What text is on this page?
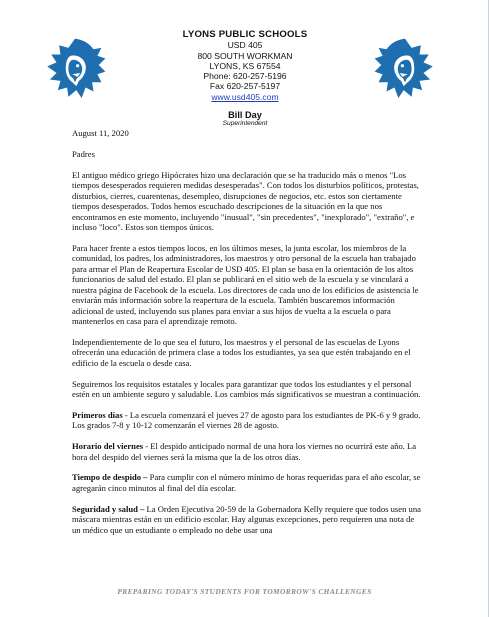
LYONS PUBLIC SCHOOLS
USD 405
800 SOUTH WORKMAN
LYONS, KS 67554
Phone: 620-257-5196
Fax 620-257-5197
www.usd405.com
Bill Day
Superintendent

August 11, 2020

Padres

El antiguo médico griego Hipócrates hizo una declaración que se ha traducido más o menos "Los tiempos desesperados requieren medidas desesperadas". Con todos los disturbios políticos, protestas, disturbios, cierres, cuarentenas, desempleo, disrupciones de negocios, etc. estos son ciertamente tiempos desesperados. Todos hemos escuchado descripciones de la situación en la que nos encontramos en este momento, incluyendo "inusual", "sin precedentes", "inexplorado", "extraño", e incluso "loco". Estos son tiempos únicos.

Para hacer frente a estos tiempos locos, en los últimos meses, la junta escolar, los miembros de la comunidad, los padres, los administradores, los maestros y otro personal de la escuela han trabajado para armar el Plan de Reapertura Escolar de USD 405. El plan se basa en la orientación de los altos funcionarios de salud del estado. El plan se publicará en el sitio web de la escuela y se vinculará a nuestra página de Facebook de la escuela. Los directores de cada uno de los edificios de asistencia le enviarán más información sobre la reapertura de la escuela. También buscaremos información adicional de usted, incluyendo sus planes para enviar a sus hijos de vuelta a la escuela o para mantenerlos en casa para el aprendizaje remoto.

Independientemente de lo que sea el futuro, los maestros y el personal de las escuelas de Lyons ofrecerán una educación de primera clase a todos los estudiantes, ya sea que estén trabajando en el edificio de la escuela o desde casa.

Seguiremos los requisitos estatales y locales para garantizar que todos los estudiantes y el personal estén en un ambiente seguro y saludable. Los cambios más significativos se muestran a continuación.

Primeros días - La escuela comenzará el jueves 27 de agosto para los estudiantes de PK-6 y 9 grado. Los grados 7-8 y 10-12 comenzarán el viernes 28 de agosto.

Horario del viernes - El despido anticipado normal de una hora los viernes no ocurrirá este año. La hora del despido del viernes será la misma que la de los otros días.

Tiempo de despido – Para cumplir con el número mínimo de horas requeridas para el año escolar, se agregarán cinco minutos al final del día escolar.

Seguridad y salud – La Orden Ejecutiva 20-59 de la Gobernadora Kelly requiere que todos usen una máscara mientras están en un edificio escolar. Hay algunas excepciones, pero requieren una nota de un médico que un estudiante o empleado no debe usar una

PREPARING TODAY'S STUDENTS FOR TOMORROW'S CHALLENGES
